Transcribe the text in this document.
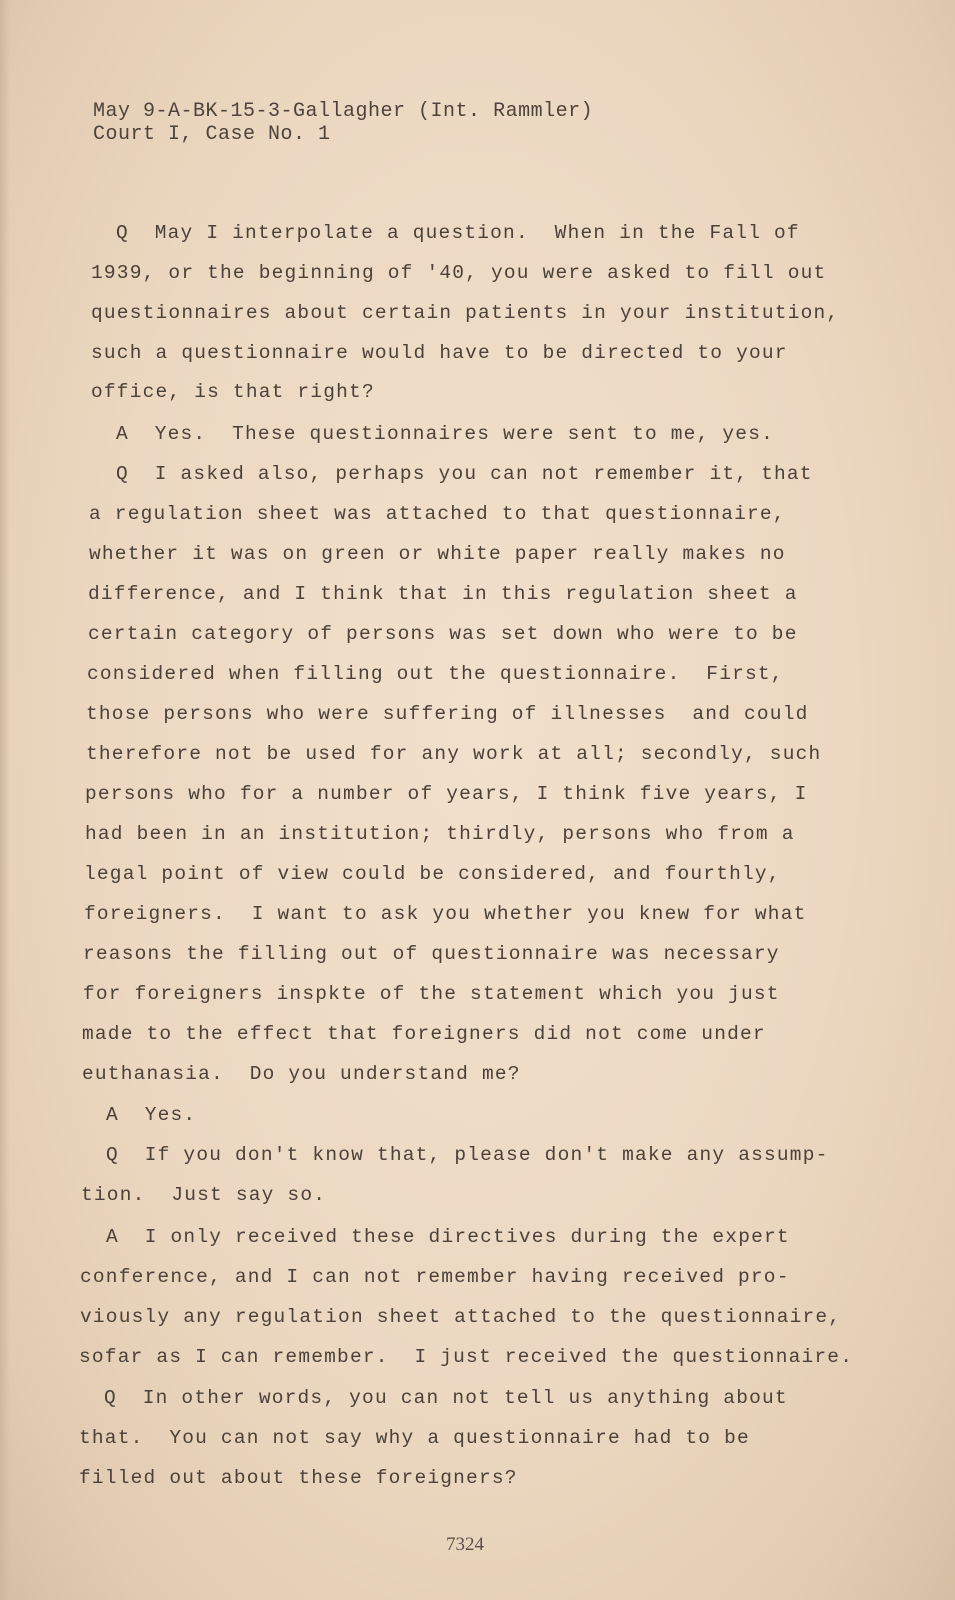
May 9-A-BK-15-3-Gallagher (Int. Rammler)
Court I, Case No. 1
Q  May I interpolate a question.  When in the Fall of
1939, or the beginning of '40, you were asked to fill out
questionnaires about certain patients in your institution,
such a questionnaire would have to be directed to your
office, is that right?
A  Yes.  These questionnaires were sent to me, yes.
Q  I asked also, perhaps you can not remember it, that
a regulation sheet was attached to that questionnaire,
whether it was on green or white paper really makes no
difference, and I think that in this regulation sheet a
certain category of persons was set down who were to be
considered when filling out the questionnaire.  First,
those persons who were suffering of illnesses  and could
therefore not be used for any work at all; secondly, such
persons who for a number of years, I think five years, I
had been in an institution; thirdly, persons who from a
legal point of view could be considered, and fourthly,
foreigners.  I want to ask you whether you knew for what
reasons the filling out of questionnaire was necessary
for foreigners inspkte of the statement which you just
made to the effect that foreigners did not come under
euthanasia.  Do you understand me?
A  Yes.
Q  If you don't know that, please don't make any assump-
tion.  Just say so.
A  I only received these directives during the expert
conference, and I can not remember having received pro-
viously any regulation sheet attached to the questionnaire,
sofar as I can remember.  I just received the questionnaire.
Q  In other words, you can not tell us anything about
that.  You can not say why a questionnaire had to be
filled out about these foreigners?
7324
